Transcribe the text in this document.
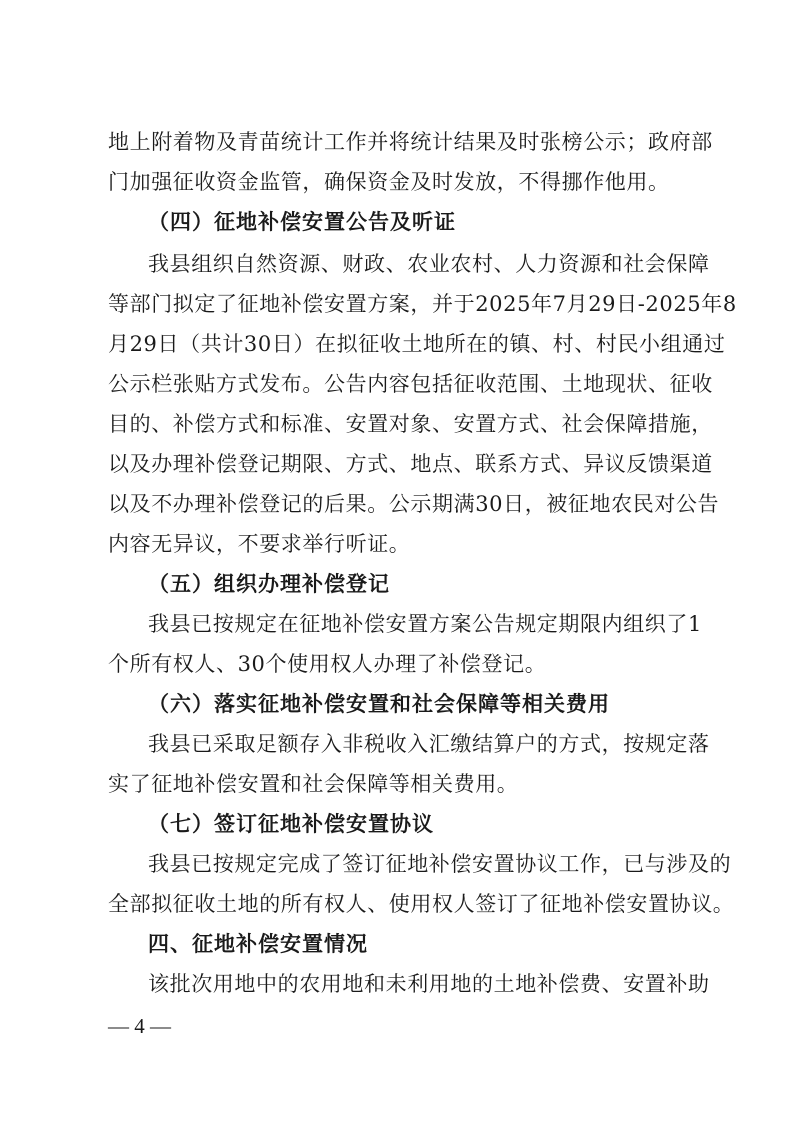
地上附着物及青苗统计工作并将统计结果及时张榜公示；政府部
门加强征收资金监管，确保资金及时发放，不得挪作他用。
（四）征地补偿安置公告及听证
我县组织自然资源、财政、农业农村、人力资源和社会保障
等部门拟定了征地补偿安置方案，并于2025年7月29日-2025年8
月29日（共计30日）在拟征收土地所在的镇、村、村民小组通过
公示栏张贴方式发布。公告内容包括征收范围、土地现状、征收
目的、补偿方式和标准、安置对象、安置方式、社会保障措施，
以及办理补偿登记期限、方式、地点、联系方式、异议反馈渠道
以及不办理补偿登记的后果。公示期满30日，被征地农民对公告
内容无异议，不要求举行听证。
（五）组织办理补偿登记
我县已按规定在征地补偿安置方案公告规定期限内组织了1
个所有权人、30个使用权人办理了补偿登记。
（六）落实征地补偿安置和社会保障等相关费用
我县已采取足额存入非税收入汇缴结算户的方式，按规定落
实了征地补偿安置和社会保障等相关费用。
（七）签订征地补偿安置协议
我县已按规定完成了签订征地补偿安置协议工作，已与涉及的
全部拟征收土地的所有权人、使用权人签订了征地补偿安置协议。
四、征地补偿安置情况
该批次用地中的农用地和未利用地的土地补偿费、安置补助
— 4 —
